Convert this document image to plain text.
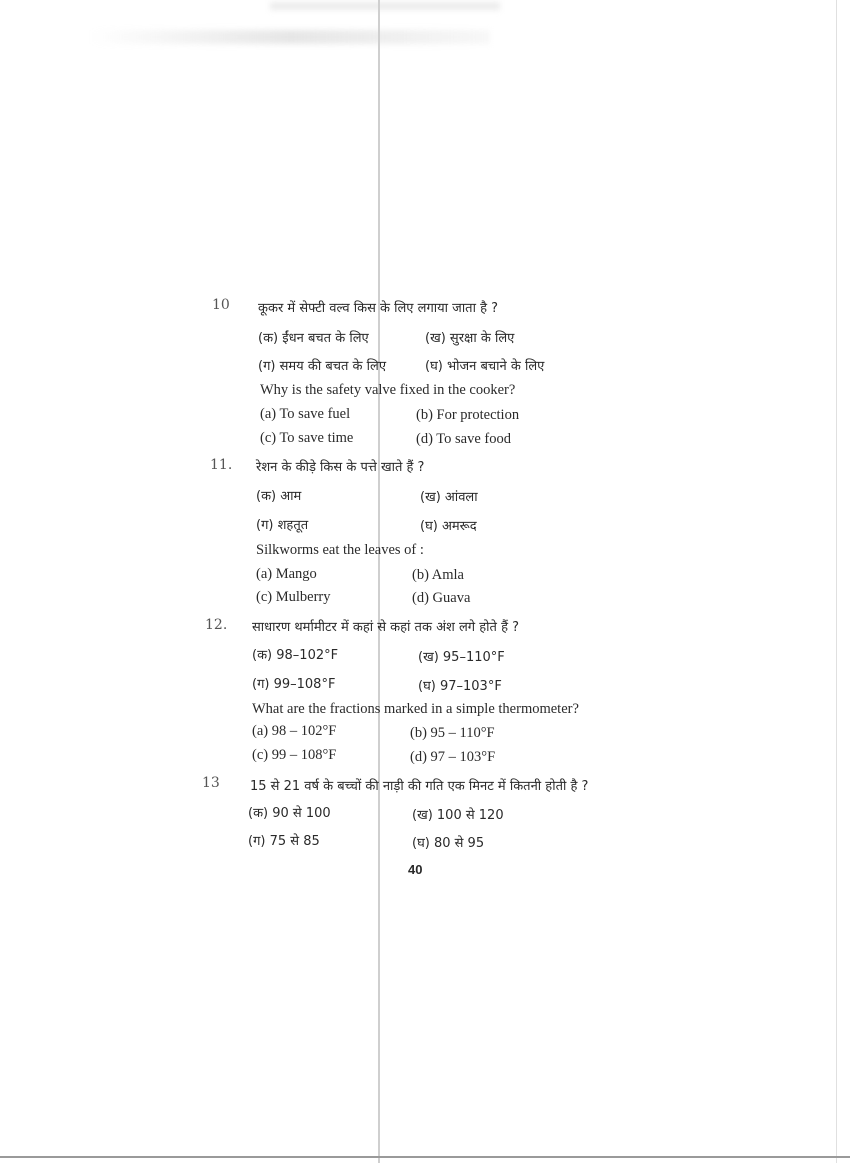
10 कूकर में सेफ्टी वल्व किस के लिए लगाया जाता है ?
(क) ईंधन बचत के लिए	(ख) सुरक्षा के लिए
(ग) समय की बचत के लिए	(घ) भोजन बचाने के लिए
Why is the safety valve fixed in the cooker?
(a) To save fuel	(b) For protection
(c) To save time	(d) To save food
11. रेशन के कीड़े किस के पत्ते खाते हैं ?
(क) आम	(ख) आंवला
(ग) शहतूत	(घ) अमरूद
Silkworms eat the leaves of :
(a) Mango	(b) Amla
(c) Mulberry	(d) Guava
12. साधारण थर्मामीटर में कहां से कहां तक अंश लगे होते हैं ?
(क) 98–102°F	(ख) 95–110°F
(ग) 99–108°F	(घ) 97–103°F
What are the fractions marked in a simple thermometer?
(a) 98 – 102°F	(b) 95 – 110°F
(c) 99 – 108°F	(d) 97 – 103°F
13 15 से 21 वर्ष के बच्चों की नाड़ी की गति एक मिनट में कितनी होती है ?
(क) 90 से 100	(ख) 100 से 120
(ग) 75 से 85	(घ) 80 से 95
40
